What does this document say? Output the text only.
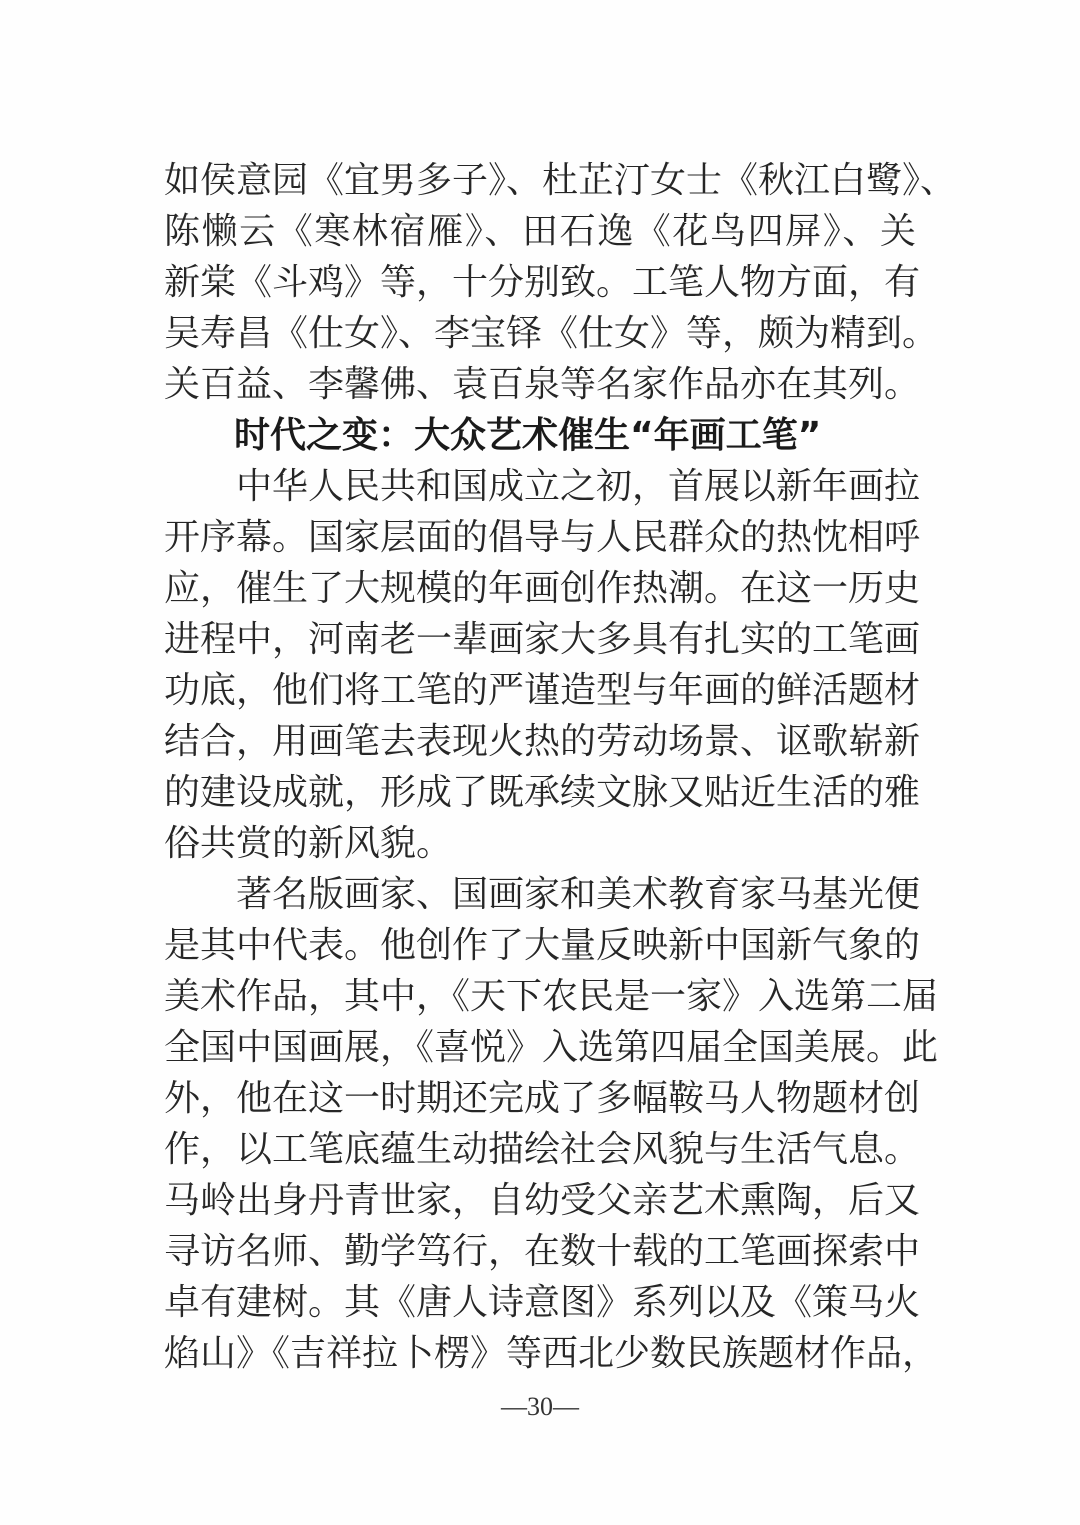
如侯意园《宜男多子》、杜芷汀女士《秋江白鹭》、
陈懒云《寒林宿雁》、田石逸《花鸟四屏》、关
新棠《斗鸡》等，十分别致。工笔人物方面，有
吴寿昌《仕女》、李宝铎《仕女》等，颇为精到。
关百益、李馨佛、袁百泉等名家作品亦在其列。
时代之变：大众艺术催生“年画工笔”
中华人民共和国成立之初，首展以新年画拉
开序幕。国家层面的倡导与人民群众的热忱相呼
应，催生了大规模的年画创作热潮。在这一历史
进程中，河南老一辈画家大多具有扎实的工笔画
功底，他们将工笔的严谨造型与年画的鲜活题材
结合，用画笔去表现火热的劳动场景、讴歌崭新
的建设成就，形成了既承续文脉又贴近生活的雅
俗共赏的新风貌。
著名版画家、国画家和美术教育家马基光便
是其中代表。他创作了大量反映新中国新气象的
美术作品，其中，《天下农民是一家》入选第二届
全国中国画展，《喜悦》入选第四届全国美展。此
外，他在这一时期还完成了多幅鞍马人物题材创
作，以工笔底蕴生动描绘社会风貌与生活气息。
马岭出身丹青世家，自幼受父亲艺术熏陶，后又
寻访名师、勤学笃行，在数十载的工笔画探索中
卓有建树。其《唐人诗意图》系列以及《策马火
焰山》《吉祥拉卜楞》等西北少数民族题材作品，
—30—
